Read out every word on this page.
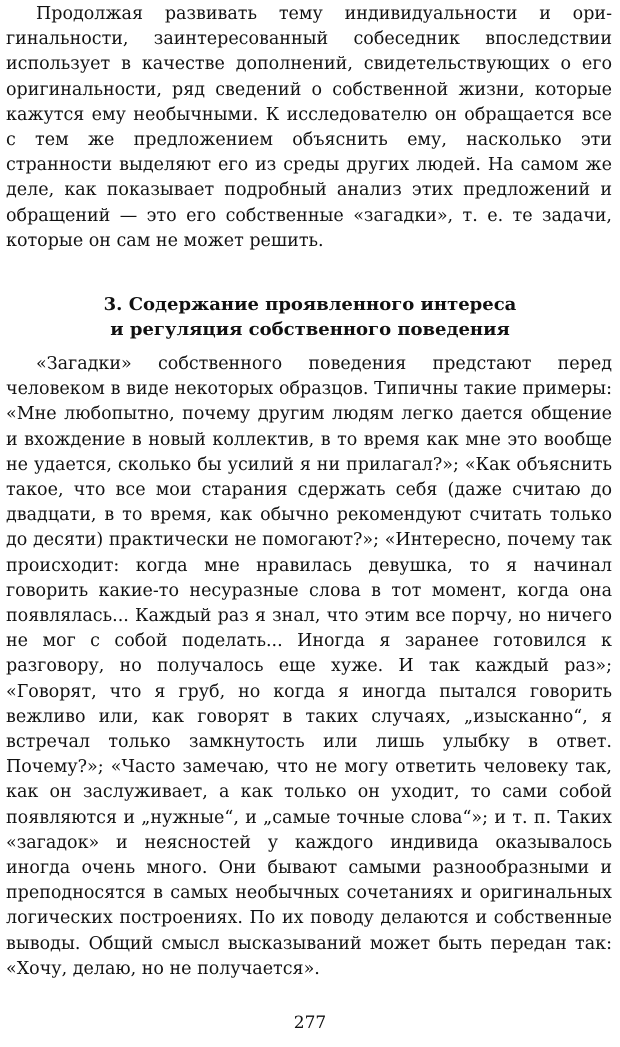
Продолжая развивать тему индивидуальности и оригинальности, заинтересованный собеседник впоследствии использует в качестве дополнений, свидетельствующих о его оригинальности, ряд сведений о собственной жизни, которые кажутся ему необычными. К исследователю он обращается все с тем же предложением объяснить ему, насколько эти странности выделяют его из среды других людей. На самом же деле, как показывает подробный анализ этих предложений и обращений — это его собственные «загадки», т. е. те задачи, которые он сам не может решить.

3. Содержание проявленного интереса
и регуляция собственного поведения

«Загадки» собственного поведения предстают перед человеком в виде некоторых образцов. Типичны такие примеры: «Мне любопытно, почему другим людям легко дается общение и вхождение в новый коллектив, в то время как мне это вообще не удается, сколько бы усилий я ни прилагал?»; «Как объяснить такое, что все мои старания сдержать себя (даже считаю до двадцати, в то время, как обычно рекомендуют считать только до десяти) практически не помогают?»; «Интересно, почему так происходит: когда мне нравилась девушка, то я начинал говорить какие-то несуразные слова в тот момент, когда она появлялась... Каждый раз я знал, что этим все порчу, но ничего не мог с собой поделать... Иногда я заранее готовился к разговору, но получалось еще хуже. И так каждый раз»; «Говорят, что я груб, но когда я иногда пытался говорить вежливо или, как говорят в таких случаях, „изысканно“, я встречал только замкнутость или лишь улыбку в ответ. Почему?»; «Часто замечаю, что не могу ответить человеку так, как он заслуживает, а как только он уходит, то сами собой появляются и „нужные“, и „самые точные слова“»; и т. п. Таких «загадок» и неясностей у каждого индивида оказывалось иногда очень много. Они бывают самыми разнообразными и преподносятся в самых необычных сочетаниях и оригинальных логических построениях. По их поводу делаются и собственные выводы. Общий смысл высказываний может быть передан так: «Хочу, делаю, но не получается».

277
